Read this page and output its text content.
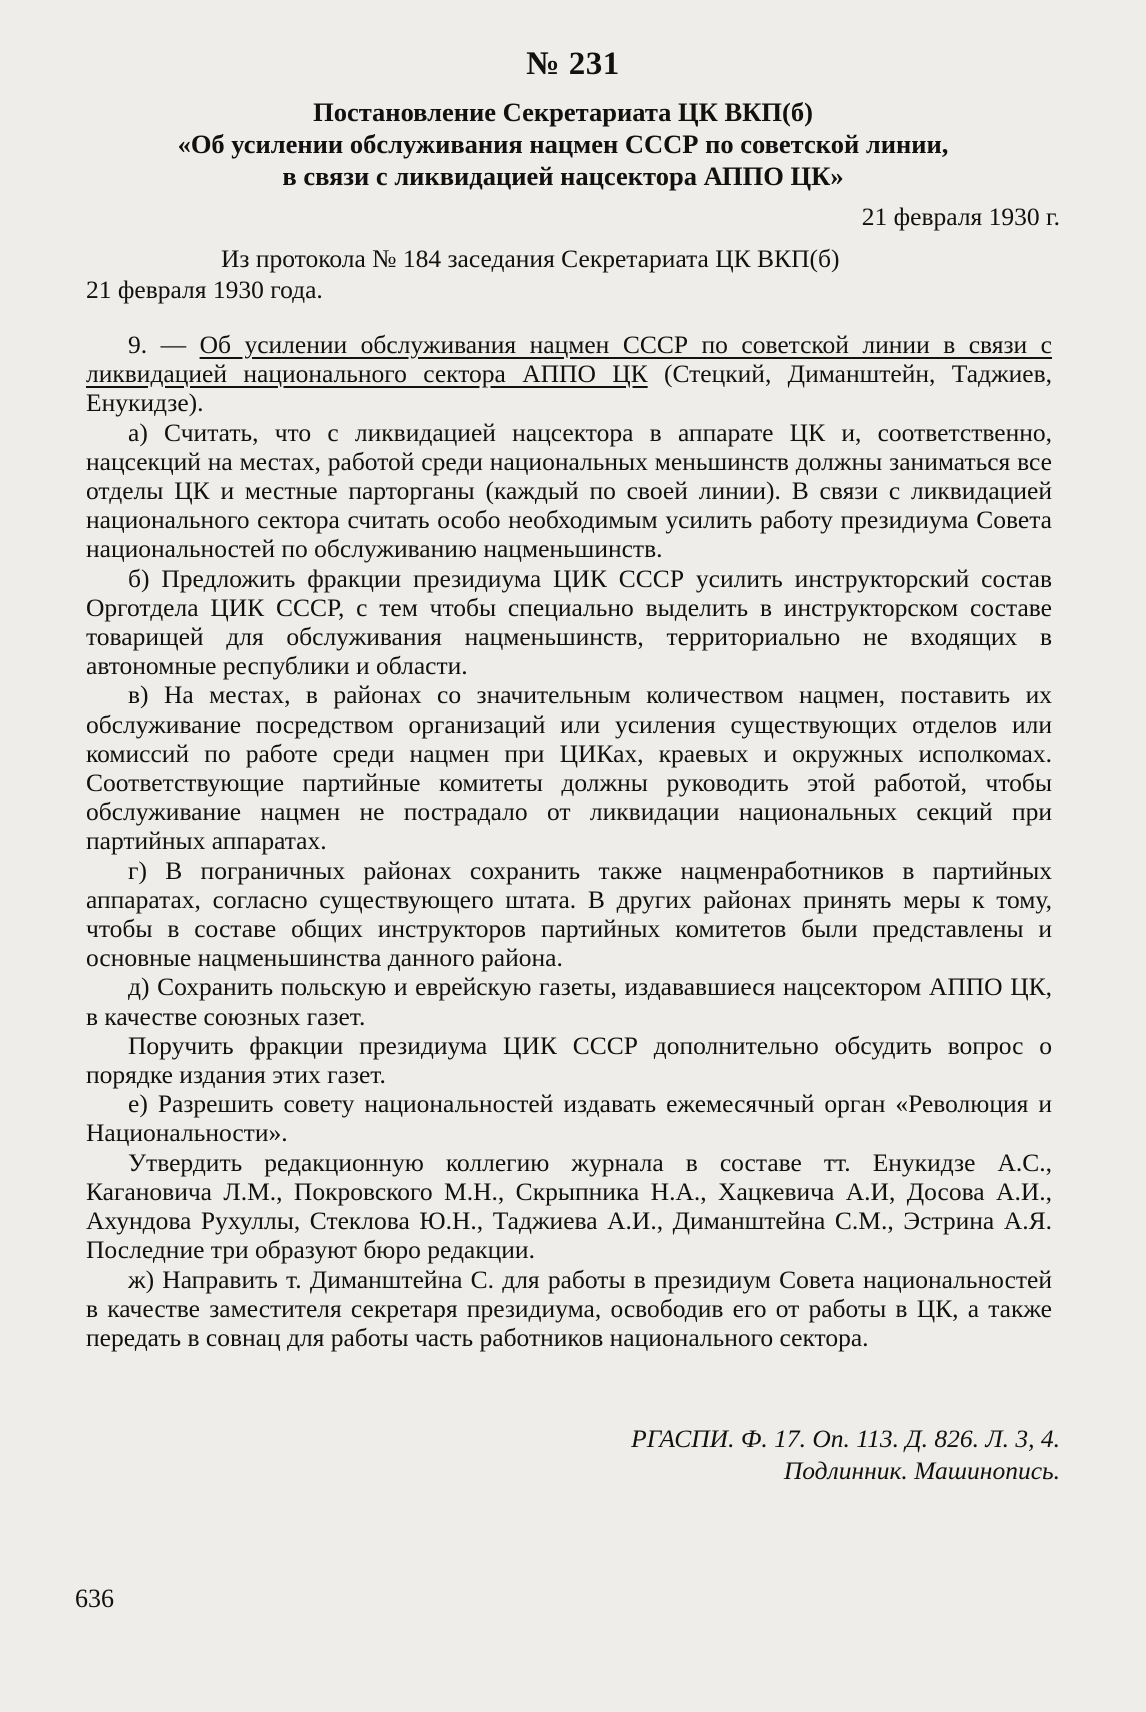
№ 231
Постановление Секретариата ЦК ВКП(б)
«Об усилении обслуживания нацмен СССР по советской линии,
в связи с ликвидацией нацсектора АППО ЦК»
21 февраля 1930 г.
Из протокола № 184 заседания Секретариата ЦК ВКП(б)
21 февраля 1930 года.

9. — Об усилении обслуживания нацмен СССР по советской линии в связи с ликвидацией национального сектора АППО ЦК (Стецкий, Диманштейн, Таджиев, Енукидзе).

а) Считать, что с ликвидацией нацсектора в аппарате ЦК и, соответственно, нацсекций на местах, работой среди национальных меньшинств должны заниматься все отделы ЦК и местные парторганы (каждый по своей линии). В связи с ликвидацией национального сектора считать особо необходимым усилить работу президиума Совета национальностей по обслуживанию нацменьшинств.

б) Предложить фракции президиума ЦИК СССР усилить инструкторский состав Орготдела ЦИК СССР, с тем чтобы специально выделить в инструкторском составе товарищей для обслуживания нацменьшинств, территориально не входящих в автономные республики и области.

в) На местах, в районах со значительным количеством нацмен, поставить их обслуживание посредством организаций или усиления существующих отделов или комиссий по работе среди нацмен при ЦИКах, краевых и окружных исполкомах. Соответствующие партийные комитеты должны руководить этой работой, чтобы обслуживание нацмен не пострадало от ликвидации национальных секций при партийных аппаратах.

г) В пограничных районах сохранить также нацменработников в партийных аппаратах, согласно существующего штата. В других районах принять меры к тому, чтобы в составе общих инструкторов партийных комитетов были представлены и основные нацменьшинства данного района.

д) Сохранить польскую и еврейскую газеты, издававшиеся нацсектором АППО ЦК, в качестве союзных газет.

Поручить фракции президиума ЦИК СССР дополнительно обсудить вопрос о порядке издания этих газет.

е) Разрешить совету национальностей издавать ежемесячный орган «Революция и Национальности».

Утвердить редакционную коллегию журнала в составе тт. Енукидзе А.С., Кагановича Л.М., Покровского М.Н., Скрыпника Н.А., Хацкевича А.И, Досова А.И., Ахундова Рухуллы, Стеклова Ю.Н., Таджиева А.И., Диманштейна С.М., Эстрина А.Я. Последние три образуют бюро редакции.

ж) Направить т. Диманштейна С. для работы в президиум Совета национальностей в качестве заместителя секретаря президиума, освободив его от работы в ЦК, а также передать в совнац для работы часть работников национального сектора.

РГАСПИ. Ф. 17. Оп. 113. Д. 826. Л. 3, 4.
Подлинник. Машинопись.
636
